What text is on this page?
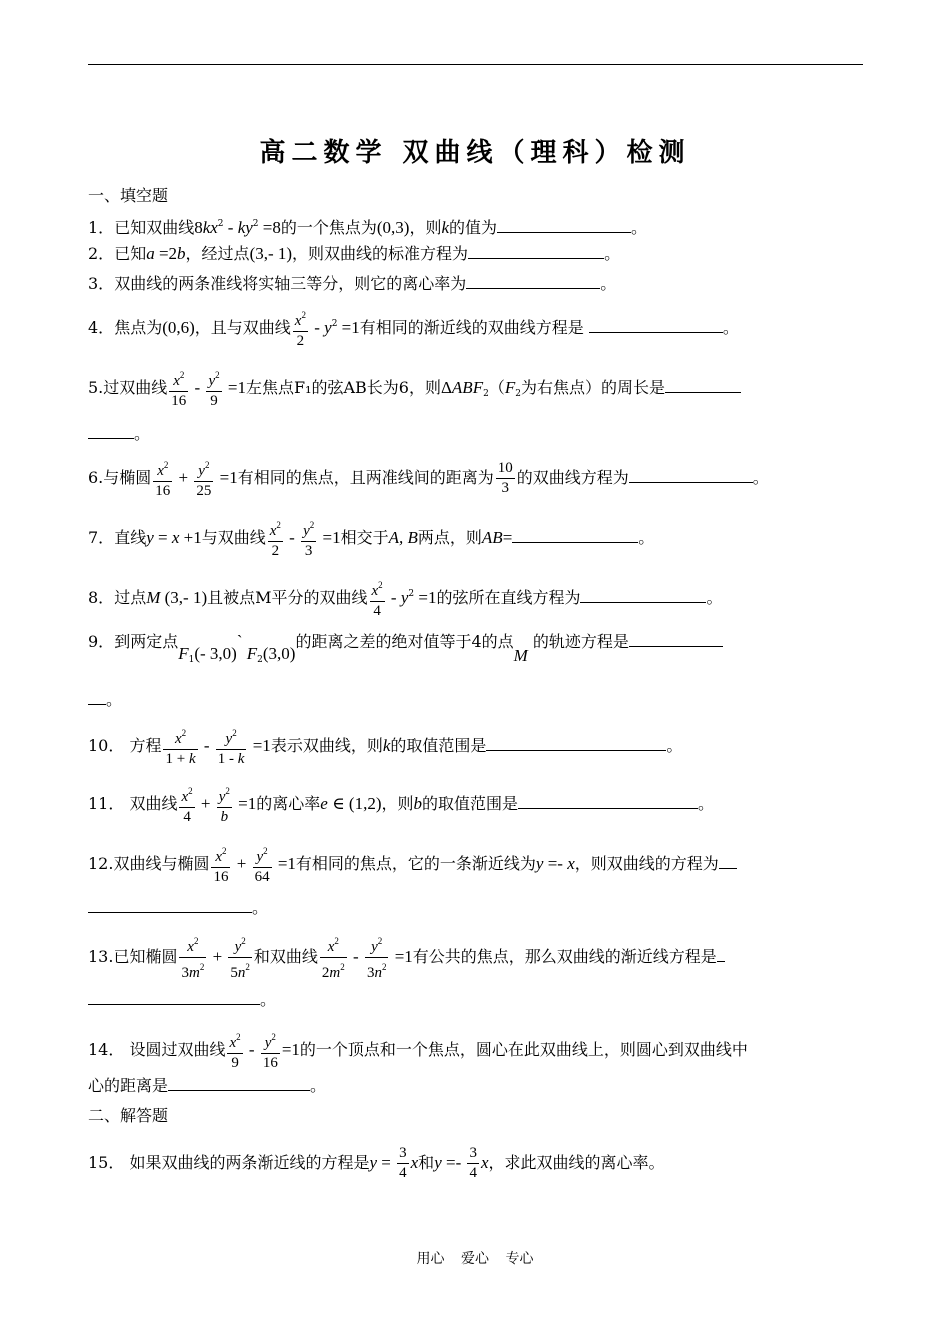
高二数学 双曲线（理科）检测
一、填空题
1．已知双曲线$8kx^2 - ky^2 =8$的一个焦点为(0,3)，则k的值为	。
2．已知a =2b，经过点(3,- 1)，则双曲线的标准方程为	。
3．双曲线的两条准线将实轴三等分，则它的离心率为	。
4．焦点为(0,6)，且与双曲线 $\frac{x^2}{2} - y^2 =1$有相同的渐近线的双曲线方程是	。
5.过双曲线 $\frac{x^2}{16} - \frac{y^2}{9} =1$左焦点F₁的弦AB长为6，则$\Delta ABF_2(F_2$为右焦点）的周长是
。
6.与椭圆 $\frac{x^2}{16} + \frac{y^2}{25} =1$有相同的焦点，且两准线间的距离为 $\frac{10}{3}$ 的双曲线方程为	。
7．直线y = x +1与双曲线 $\frac{x^2}{2} - \frac{y^2}{3} =1$相交于A, B两点，则AB=	。
8．过点M (3,- 1)且被点M平分的双曲线 $\frac{x^2}{4} - y^2 =1$的弦所在直线方程为	。
9．到两定点$F_1(-$ 3,0)` $F_2(3,0)$的距离之差的绝对值等于4的点M 的轨迹方程是
。
10． 方程 $\frac{x^2}{1 + k} - \frac{y^2}{1 - k} =1$表示双曲线，则k的取值范围是	。
11． 双曲线 $\frac{x^2}{4} + \frac{y^2}{b} =1$的离心率e ∈ (1,2)，则b的取值范围是	。
12.双曲线与椭圆 $\frac{x^2}{16} + \frac{y^2}{64} =1$有相同的焦点，它的一条渐近线为y =- x，则双曲线的方程为
。
13.已知椭圆 $\frac{x^2}{3m^2} + \frac{y^2}{5n^2}$ 和双曲线 $\frac{x^2}{2m^2} - \frac{y^2}{3n^2} =1$有公共的焦点，那么双曲线的渐近线方程是
。
14． 设圆过双曲线 $\frac{x^2}{9} - \frac{y^2}{16} =1$的一个顶点和一个焦点，圆心在此双曲线上，则圆心到双曲线中
心的距离是	。
二、解答题
15． 如果双曲线的两条渐近线的方程是$y = \frac{3}{4}$ x和$y =- \frac{3}{4}$ x，求此双曲线的离心率。
用心 爱心 专心
